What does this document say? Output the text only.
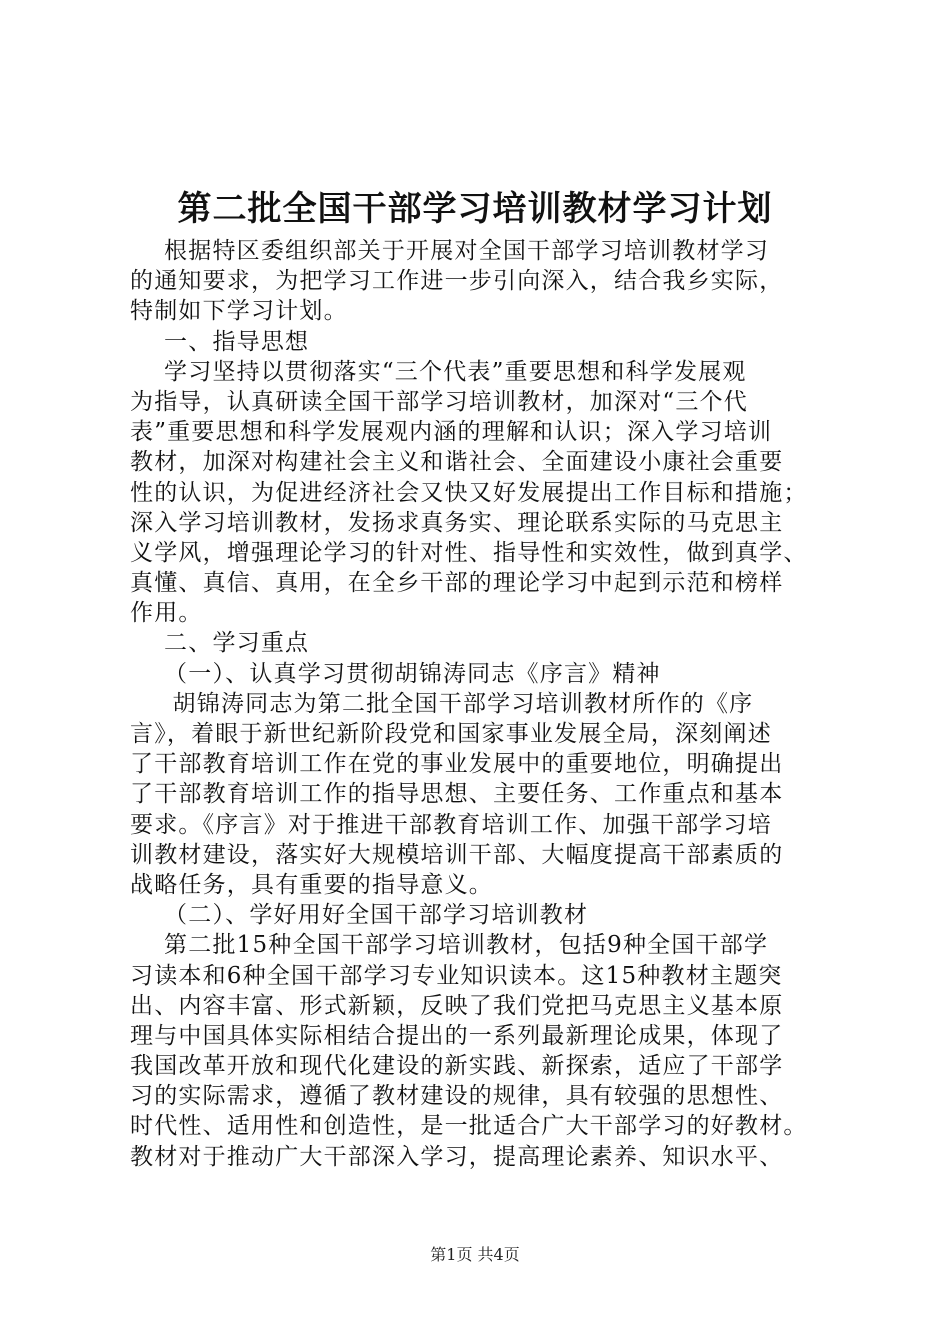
第二批全国干部学习培训教材学习计划
根据特区委组织部关于开展对全国干部学习培训教材学习
的通知要求，为把学习工作进一步引向深入，结合我乡实际，
特制如下学习计划。
一、指导思想
学习坚持以贯彻落实“三个代表”重要思想和科学发展观
为指导，认真研读全国干部学习培训教材，加深对“三个代
表”重要思想和科学发展观内涵的理解和认识；深入学习培训
教材，加深对构建社会主义和谐社会、全面建设小康社会重要
性的认识，为促进经济社会又快又好发展提出工作目标和措施；
深入学习培训教材，发扬求真务实、理论联系实际的马克思主
义学风，增强理论学习的针对性、指导性和实效性，做到真学、
真懂、真信、真用，在全乡干部的理论学习中起到示范和榜样
作用。
二、学习重点
（一）、认真学习贯彻胡锦涛同志《序言》精神
胡锦涛同志为第二批全国干部学习培训教材所作的《序
言》，着眼于新世纪新阶段党和国家事业发展全局，深刻阐述
了干部教育培训工作在党的事业发展中的重要地位，明确提出
了干部教育培训工作的指导思想、主要任务、工作重点和基本
要求。《序言》对于推进干部教育培训工作、加强干部学习培
训教材建设，落实好大规模培训干部、大幅度提高干部素质的
战略任务，具有重要的指导意义。
（二）、学好用好全国干部学习培训教材
第二批15种全国干部学习培训教材，包括9种全国干部学
习读本和6种全国干部学习专业知识读本。这15种教材主题突
出、内容丰富、形式新颖，反映了我们党把马克思主义基本原
理与中国具体实际相结合提出的一系列最新理论成果，体现了
我国改革开放和现代化建设的新实践、新探索，适应了干部学
习的实际需求，遵循了教材建设的规律，具有较强的思想性、
时代性、适用性和创造性，是一批适合广大干部学习的好教材。
教材对于推动广大干部深入学习，提高理论素养、知识水平、
第1页 共4页
